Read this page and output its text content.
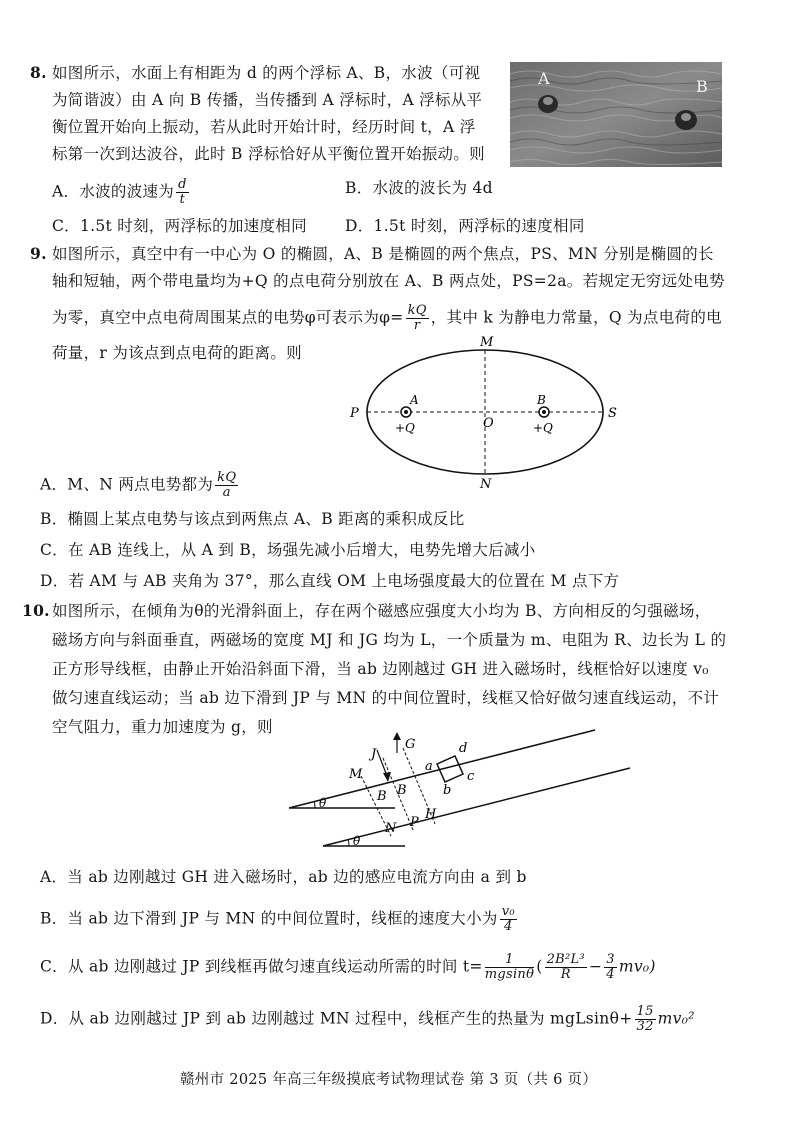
8. 如图所示，水面上有相距为 d 的两个浮标 A、B，水波（可视
为简谐波）由 A 向 B 传播，当传播到 A 浮标时，A 浮标从平
衡位置开始向上振动，若从此时开始计时，经历时间 t，A 浮
标第一次到达波谷，此时 B 浮标恰好从平衡位置开始振动。则
A	B
A．水波的波速为 $\frac{d}{t}$	B．水波的波长为 4d
C．1.5t 时刻，两浮标的加速度相同 D．1.5t 时刻，两浮标的速度相同
9. 如图所示，真空中有一中心为 O 的椭圆，A、B 是椭圆的两个焦点，PS、MN 分别是椭圆的长
轴和短轴，两个带电量均为+Q 的点电荷分别放在 A、B 两点处，PS=2a。若规定无穷远处电势
为零，真空中点电荷周围某点的电势φ可表示为$\varphi= \frac{kQ}{r}$ ，其中 k 为静电力常量，Q 为点电荷的电
荷量，r 为该点到点电荷的距离。则
M
N
P	S
O
A	B
+Q	+Q
A．M、N 两点电势都为 $\frac{kQ}{a}$
B．椭圆上某点电势与该点到两焦点 A、B 距离的乘积成反比
C．在 AB 连线上，从 A 到 B，场强先减小后增大，电势先增大后减小
D．若 AM 与 AB 夹角为 37°，那么直线 OM 上电场强度最大的位置在 M 点下方
10. 如图所示，在倾角为θ的光滑斜面上，存在两个磁感应强度大小均为 B、方向相反的匀强磁场，
磁场方向与斜面垂直，两磁场的宽度 MJ 和 JG 均为 L，一个质量为 m、电阻为 R、边长为 L 的
正方形导线框，由静止开始沿斜面下滑，当 ab 边刚越过 GH 进入磁场时，线框恰好以速度 v₀
做匀速直线运动；当 ab 边下滑到 JP 与 MN 的中间位置时，线框又恰好做匀速直线运动，不计
空气阻力，重力加速度为 g，则
J
G
M
N P
H
B B
a
b
c
d
θ
θ
A．当 ab 边刚越过 GH 进入磁场时，ab 边的感应电流方向由 a 到 b
B．当 ab 边下滑到 JP 与 MN 的中间位置时，线框的速度大小为 $\frac{\text{v₀}}{4}$
C．从 ab 边刚越过 JP 到线框再做匀速直线运动所需的时间 $t= \frac{1}{mgsin\theta}$ ( $\frac{\text{2B²L³}}{R} - \frac{3}{4} mv_0$)
D．从 ab 边刚越过 JP 到 ab 边刚越过 MN 过程中，线框产生的热量为 $mgLsin\theta+ \frac{15}{32} mv_0^2$
赣州市 2025 年高三年级摸底考试物理试卷 第 3 页（共 6 页）
